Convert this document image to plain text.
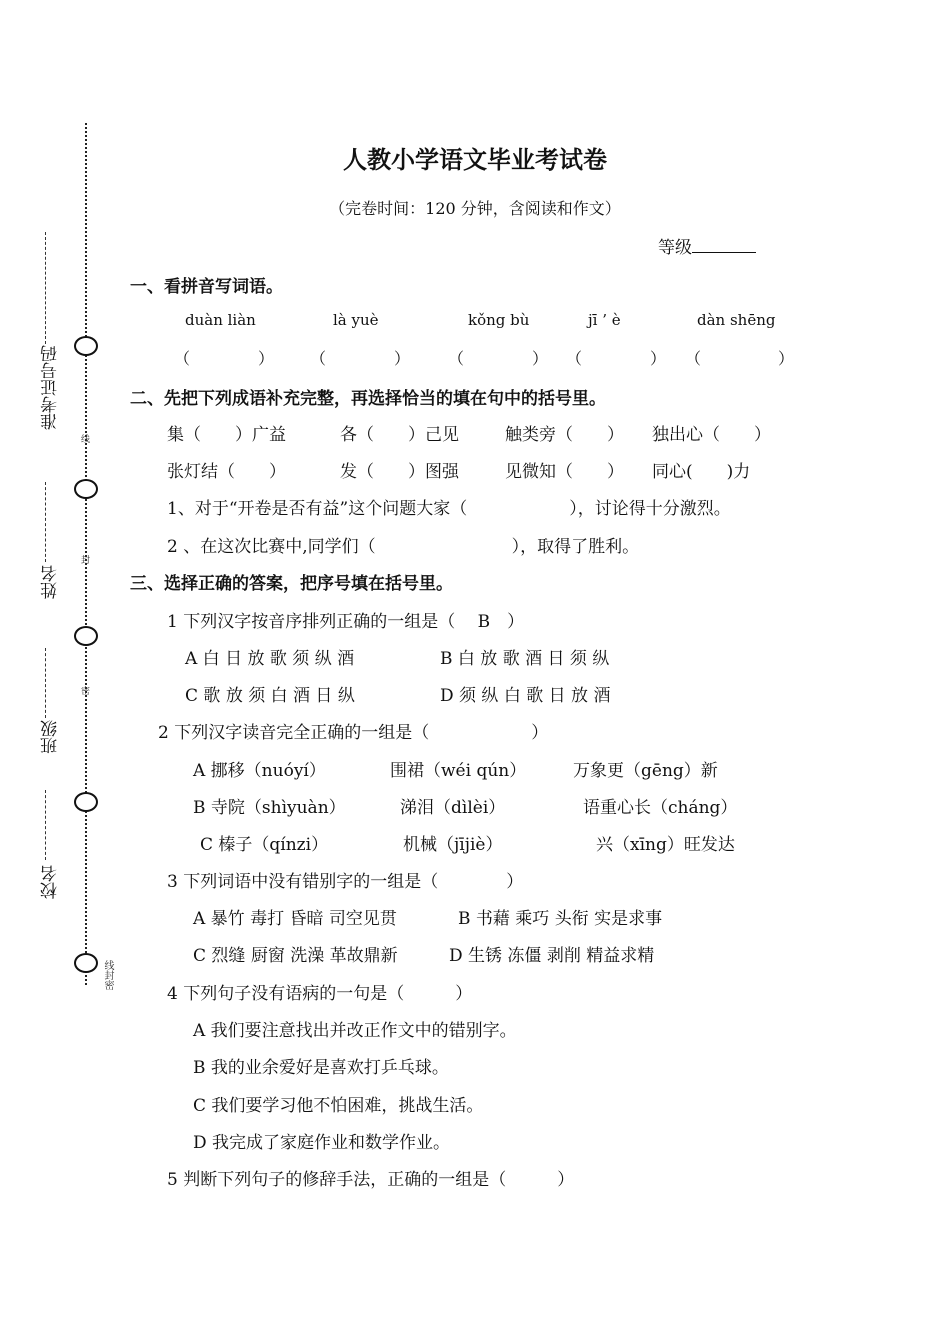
准考证号码
姓名
班级
校名
线
封
密
线封密
人教小学语文毕业考试卷
（完卷时间：120 分钟，含阅读和作文）
等级
一、看拼音写词语。
duàn liàn	là yuè	kǒng bù	jī ’ è	dàn shēng
（	） （	） （	） （	） （	）
二、先把下列成语补充完整，再选择恰当的填在句中的括号里。
集（　　）广益	各（　　）己见	触类旁（　　） 独出心（　　）
张灯结（　　）	发（　　）图强	见微知（　　） 同心(　　)力
1、对于“开卷是否有益”这个问题大家（　　　　　　），讨论得十分激烈。
2 、在这次比赛中,同学们（　　　　　　　　），取得了胜利。
三、选择正确的答案，把序号填在括号里。
1 下列汉字按音序排列正确的一组是（　 B　）
A 白 日 放 歌 须 纵 酒	B 白 放 歌 酒 日 须 纵
C 歌 放 须 白 酒 日 纵	D 须 纵 白 歌 日 放 酒
2 下列汉字读音完全正确的一组是（　　　　　　）
A 挪移（nuóyí）	围裙（wéi qún）	万象更（gēng）新
B 寺院（shìyuàn）	涕泪（dìlèi）	语重心长（cháng）
C 榛子（qínzi）	机械（jījiè）	兴（xīng）旺发达
3 下列词语中没有错别字的一组是（　　　　）
A 暴竹 毒打 昏暗 司空见贯	B 书藉 乘巧 头衔 实是求事
C 烈缝 厨窗 洗澡 革故鼎新	D 生锈 冻僵 剥削 精益求精
4 下列句子没有语病的一句是（　　　）
A 我们要注意找出并改正作文中的错别字。
B 我的业余爱好是喜欢打乒乓球。
C 我们要学习他不怕困难，挑战生活。
D 我完成了家庭作业和数学作业。
5 判断下列句子的修辞手法，正确的一组是（　　　）
